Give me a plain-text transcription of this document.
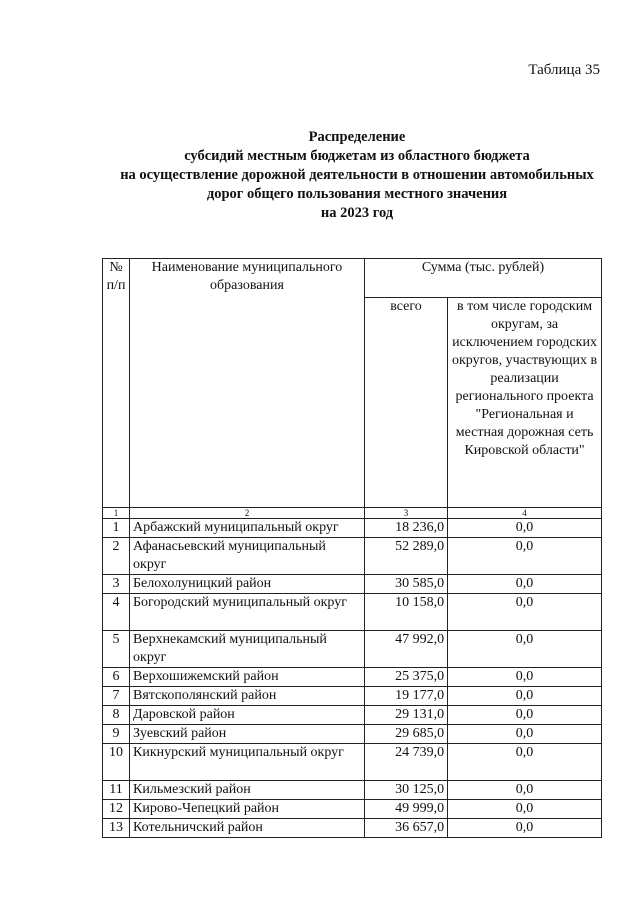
Таблица 35
Распределение
субсидий местным бюджетам из областного бюджета
на осуществление дорожной деятельности в отношении автомобильных
дорог общего пользования местного значения
на 2023 год
№ п/п	Наименование муниципального образования	Сумма (тыс. рублей)	
		всего	в том числе городским округам, за исключением городских округов, участвующих в реализации регионального проекта "Региональная и местная дорожная сеть Кировской области"
1	2	3	4
1	Арбажский муниципальный округ	18 236,0	0,0
2	Афанасьевский муниципальный округ	52 289,0	0,0
3	Белохолуницкий район	30 585,0	0,0
4	Богородский муниципальный округ	10 158,0	0,0
5	Верхнекамский муниципальный округ	47 992,0	0,0
6	Верхошижемский район	25 375,0	0,0
7	Вятскополянский район	19 177,0	0,0
8	Даровской район	29 131,0	0,0
9	Зуевский район	29 685,0	0,0
10	Кикнурский муниципальный округ	24 739,0	0,0
11	Кильмезский район	30 125,0	0,0
12	Кирово-Чепецкий район	49 999,0	0,0
13	Котельничский район	36 657,0	0,0
